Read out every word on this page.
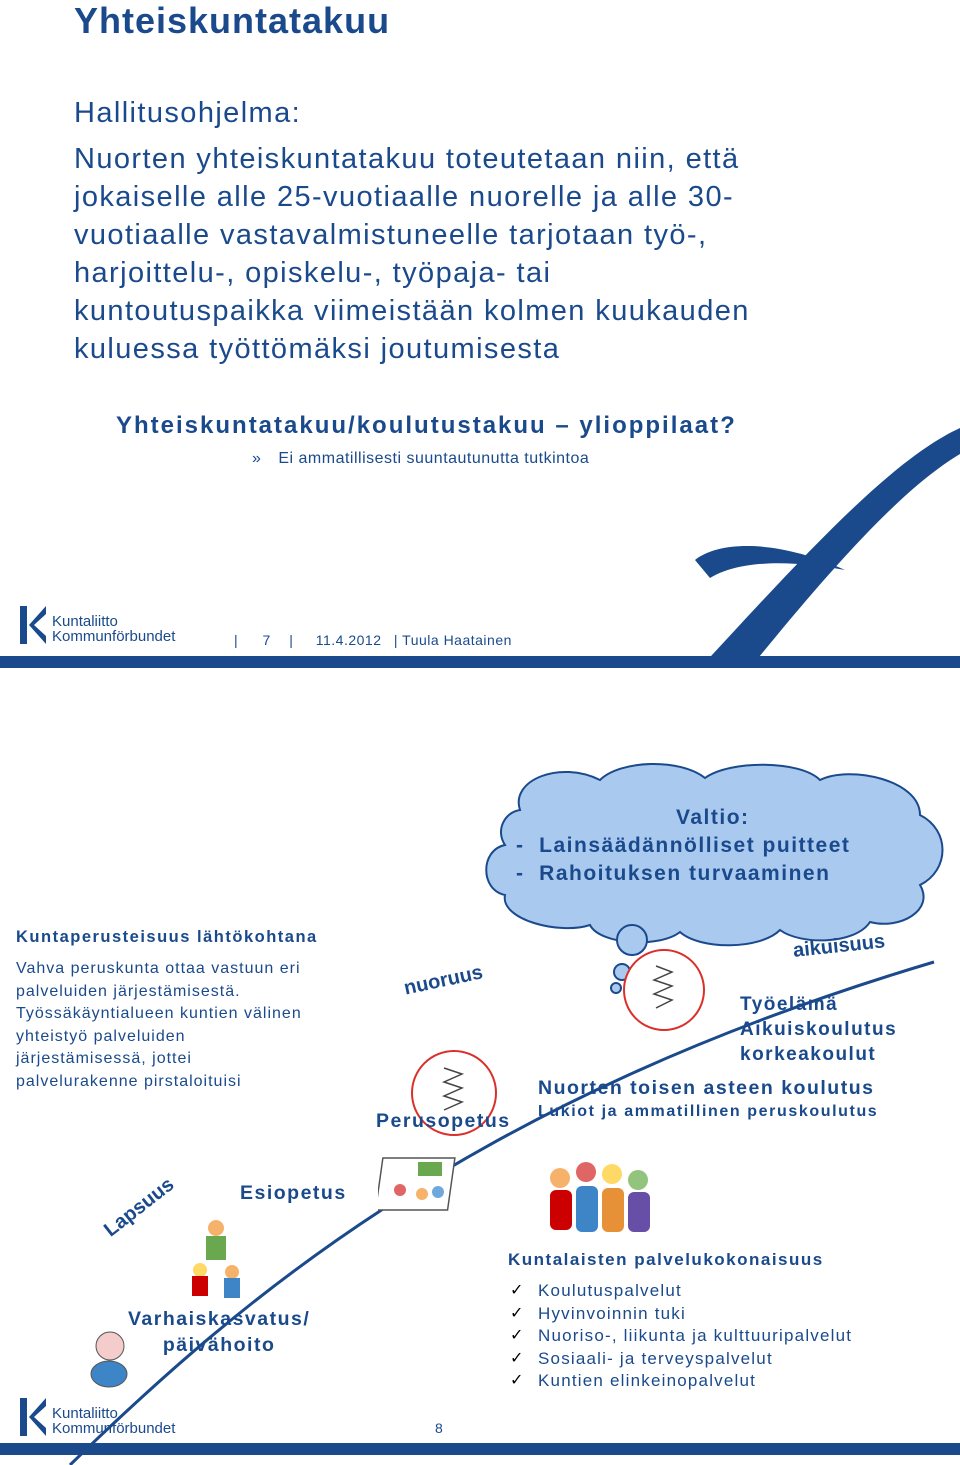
Yhteiskuntatakuu
Hallitusohjelma:
Nuorten yhteiskuntatakuu toteutetaan niin, että
jokaiselle alle 25-vuotiaalle nuorelle ja alle 30-
vuotiaalle vastavalmistuneelle tarjotaan työ-,
harjoittelu-, opiskelu-, työpaja- tai
kuntoutuspaikka viimeistään kolmen kuukauden
kuluessa työttömäksi joutumisesta
Yhteiskuntatakuu/koulutustakuu – ylioppilaat?
» Ei ammatillisesti suuntautunutta tutkintoa
Kuntaliitto
Kommunförbundet	| 7 | 11.4.2012 | Tuula Haatainen
Valtio:
-  Lainsäädännölliset puitteet
-  Rahoituksen turvaaminen
Kuntaperusteisuus lähtökohtana
Vahva peruskunta ottaa vastuun eri
palveluiden järjestämisestä.
Työssäkäyntialueen kuntien välinen
yhteistyö palveluiden
järjestämisessä, jottei
palvelurakenne pirstaloituisi
nuoruus
aikuisuus
Lapsuus
Työelämä
Aikuiskoulutus
korkeakoulut
Nuorten toisen asteen koulutus
Lukiot ja ammatillinen peruskoulutus
Perusopetus
Esiopetus
Varhaiskasvatus/
päivähoito
Kuntalaisten palvelukokonaisuus
✓ Koulutuspalvelut
✓ Hyvinvoinnin tuki
✓ Nuoriso-, liikunta ja kulttuuripalvelut
✓ Sosiaali- ja terveyspalvelut
✓ Kuntien elinkeinopalvelut
Kuntaliitto
Kommunförbundet	8
